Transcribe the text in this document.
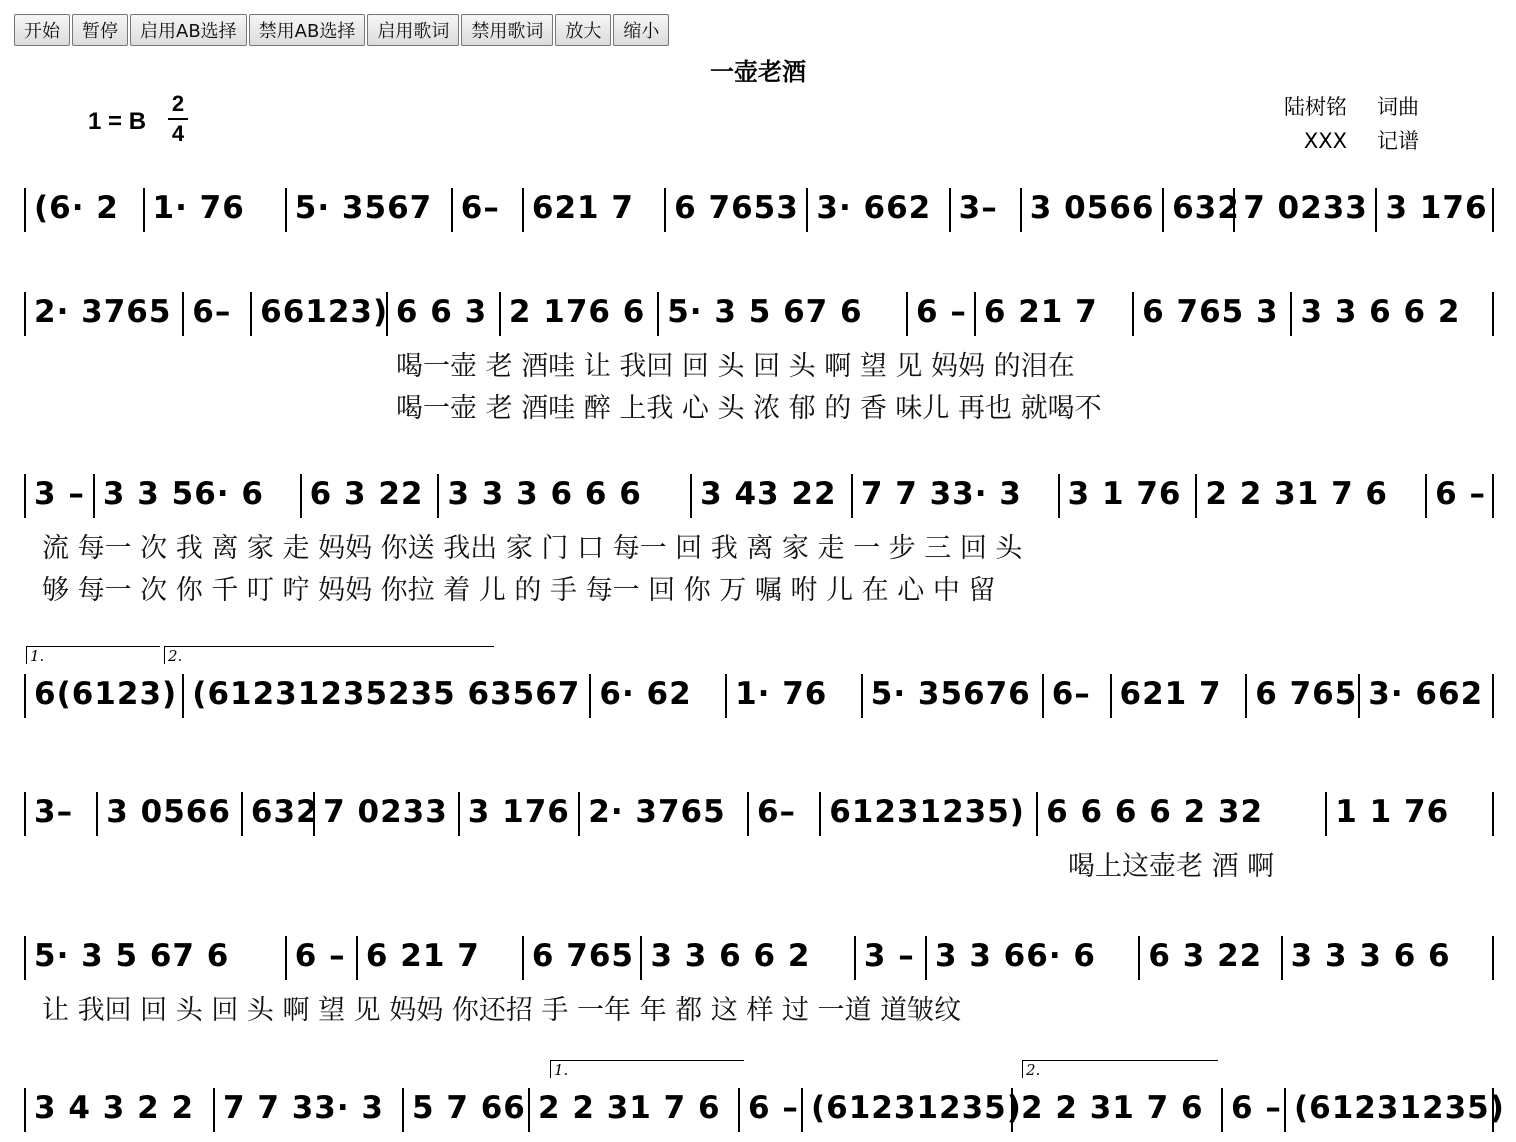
开始	暂停	启用AB选择	禁用AB选择	启用歌词	禁用歌词	放大	缩小
一壶老酒
1 = B
2
4
陆树铭 词曲
XXX 记谱
(6· 2	1· 76	5· 3567 6–	621 7	6 7653 3· 662 3–	3 0566 632 7 0233 3 176
2· 3765 6– 66123) 6 6 3 2 176 6 5· 3 5 67 6	6 – 6 21 7	6 765 3 3 3 6 6 2
喝一壶 老 酒哇 让 我回 回 头 回 头 啊 望 见 妈妈 的泪在
喝一壶 老 酒哇 醉 上我 心 头 浓 郁 的 香 味儿 再也 就喝不
3 – 3 3 56· 6	6 3 22 3 3 3 6 6 6	3 43 22 7 7 33· 3	3 1 76 2 2 31 7 6	6 –
流 每一 次 我 离 家 走 妈妈 你送 我出 家 门 口 每一 回 我 离 家 走 一 步 三 回 头
够 每一 次 你 千 叮 咛 妈妈 你拉 着 儿 的 手 每一 回 你 万 嘱 咐 儿 在 心 中 留
6(6123) (61231235235 63567 6· 62	1· 76	5· 35676 6– 621 7	6 765 3· 662
1.	2.
3–	3 0566 632 7 0233 3 176 2· 3765	6–	61231235) 6 6 6 6 2 32	1 1 76
喝上这壶老 酒 啊
5· 3 5 67 6	6 – 6 21 7	6 765 3 3 6 6 2	3 – 3 3 66· 6	6 3 22 3 3 3 6 6
让 我回 回 头 回 头 啊 望 见 妈妈 你还招 手 一年 年 都 这 样 过 一道 道皱纹
3 4 3 2 2 7 7 33· 3 5 7 66 2 2 31 7 6 6 – (61231235) 2 2 31 7 6 6 – (61231235)
1.	2.
